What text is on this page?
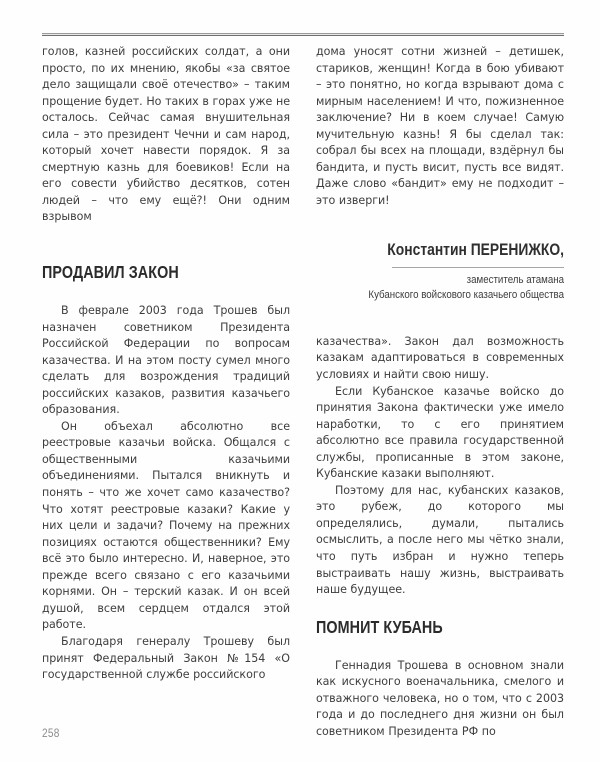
голов, казней российских солдат, а они просто, по их мнению, якобы «за святое дело защищали своё отечество» – таким прощение будет. Но таких в горах уже не осталось. Сейчас самая внушительная сила – это президент Чечни и сам народ, который хочет навести порядок. Я за смертную казнь для боевиков! Если на его совести убийство десятков, сотен людей – что ему ещё?! Они одним взрывом

ПРОДАВИЛ ЗАКОН

В феврале 2003 года Трошев был назначен советником Президента Российской Федерации по вопросам казачества. И на этом посту сумел много сделать для возрождения традиций российских казаков, развития казачьего образования.

Он объехал абсолютно все реестровые казачьи войска. Общался с общественными казачьими объединениями. Пытался вникнуть и понять – что же хочет само казачество? Что хотят реестровые казаки? Какие у них цели и задачи? Почему на прежних позициях остаются общественники? Ему всё это было интересно. И, наверное, это прежде всего связано с его казачьими корнями. Он – терский казак. И он всей душой, всем сердцем отдался этой работе.

Благодаря генералу Трошеву был принят Федеральный Закон №154 «О государственной службе российского

дома уносят сотни жизней – детишек, стариков, женщин! Когда в бою убивают – это понятно, но когда взрывают дома с мирным населением! И что, пожизненное заключение? Ни в коем случае! Самую мучительную казнь! Я бы сделал так: собрал бы всех на площади, вздёрнул бы бандита, и пусть висит, пусть все видят. Даже слово «бандит» ему не подходит – это изверги!

Константин ПЕРЕНИЖКО,
заместитель атамана
Кубанского войскового казачьего общества

казачества». Закон дал возможность казакам адаптироваться в современных условиях и найти свою нишу.

Если Кубанское казачье войско до принятия Закона фактически уже имело наработки, то с его принятием абсолютно все правила государственной службы, прописанные в этом законе, Кубанские казаки выполняют.

Поэтому для нас, кубанских казаков, это рубеж, до которого мы определялись, думали, пытались осмыслить, а после него мы чётко знали, что путь избран и нужно теперь выстраивать нашу жизнь, выстраивать наше будущее.

ПОМНИТ КУБАНЬ

Геннадия Трошева в основном знали как искусного военачальника, смелого и отважного человека, но о том, что с 2003 года и до последнего дня жизни он был советником Президента РФ по

258
